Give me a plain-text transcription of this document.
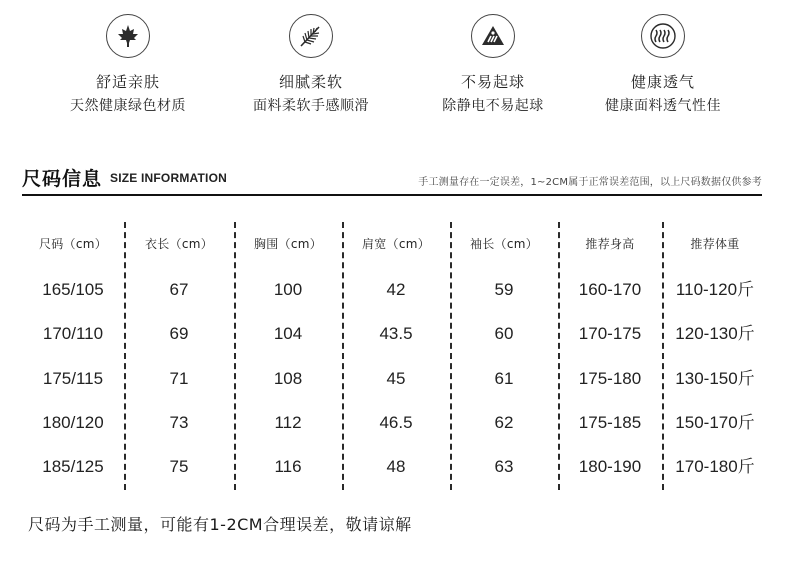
舒适亲肤
天然健康绿色材质
细腻柔软
面料柔软手感顺滑
不易起球
除静电不易起球
健康透气
健康面料透气性佳
尺码信息 SIZE INFORMATION	手工测量存在一定误差，1~2CM属于正常误差范围，以上尺码数据仅供参考
尺码（cm）	衣长（cm）	胸围（cm）	肩宽（cm）	袖长（cm）	推荐身高	推荐体重
165/105	67	100	42	59	160-170	110-120斤
170/110	69	104	43.5	60	170-175	120-130斤
175/115	71	108	45	61	175-180	130-150斤
180/120	73	112	46.5	62	175-185	150-170斤
185/125	75	116	48	63	180-190	170-180斤
尺码为手工测量，可能有1-2CM合理误差，敬请谅解
